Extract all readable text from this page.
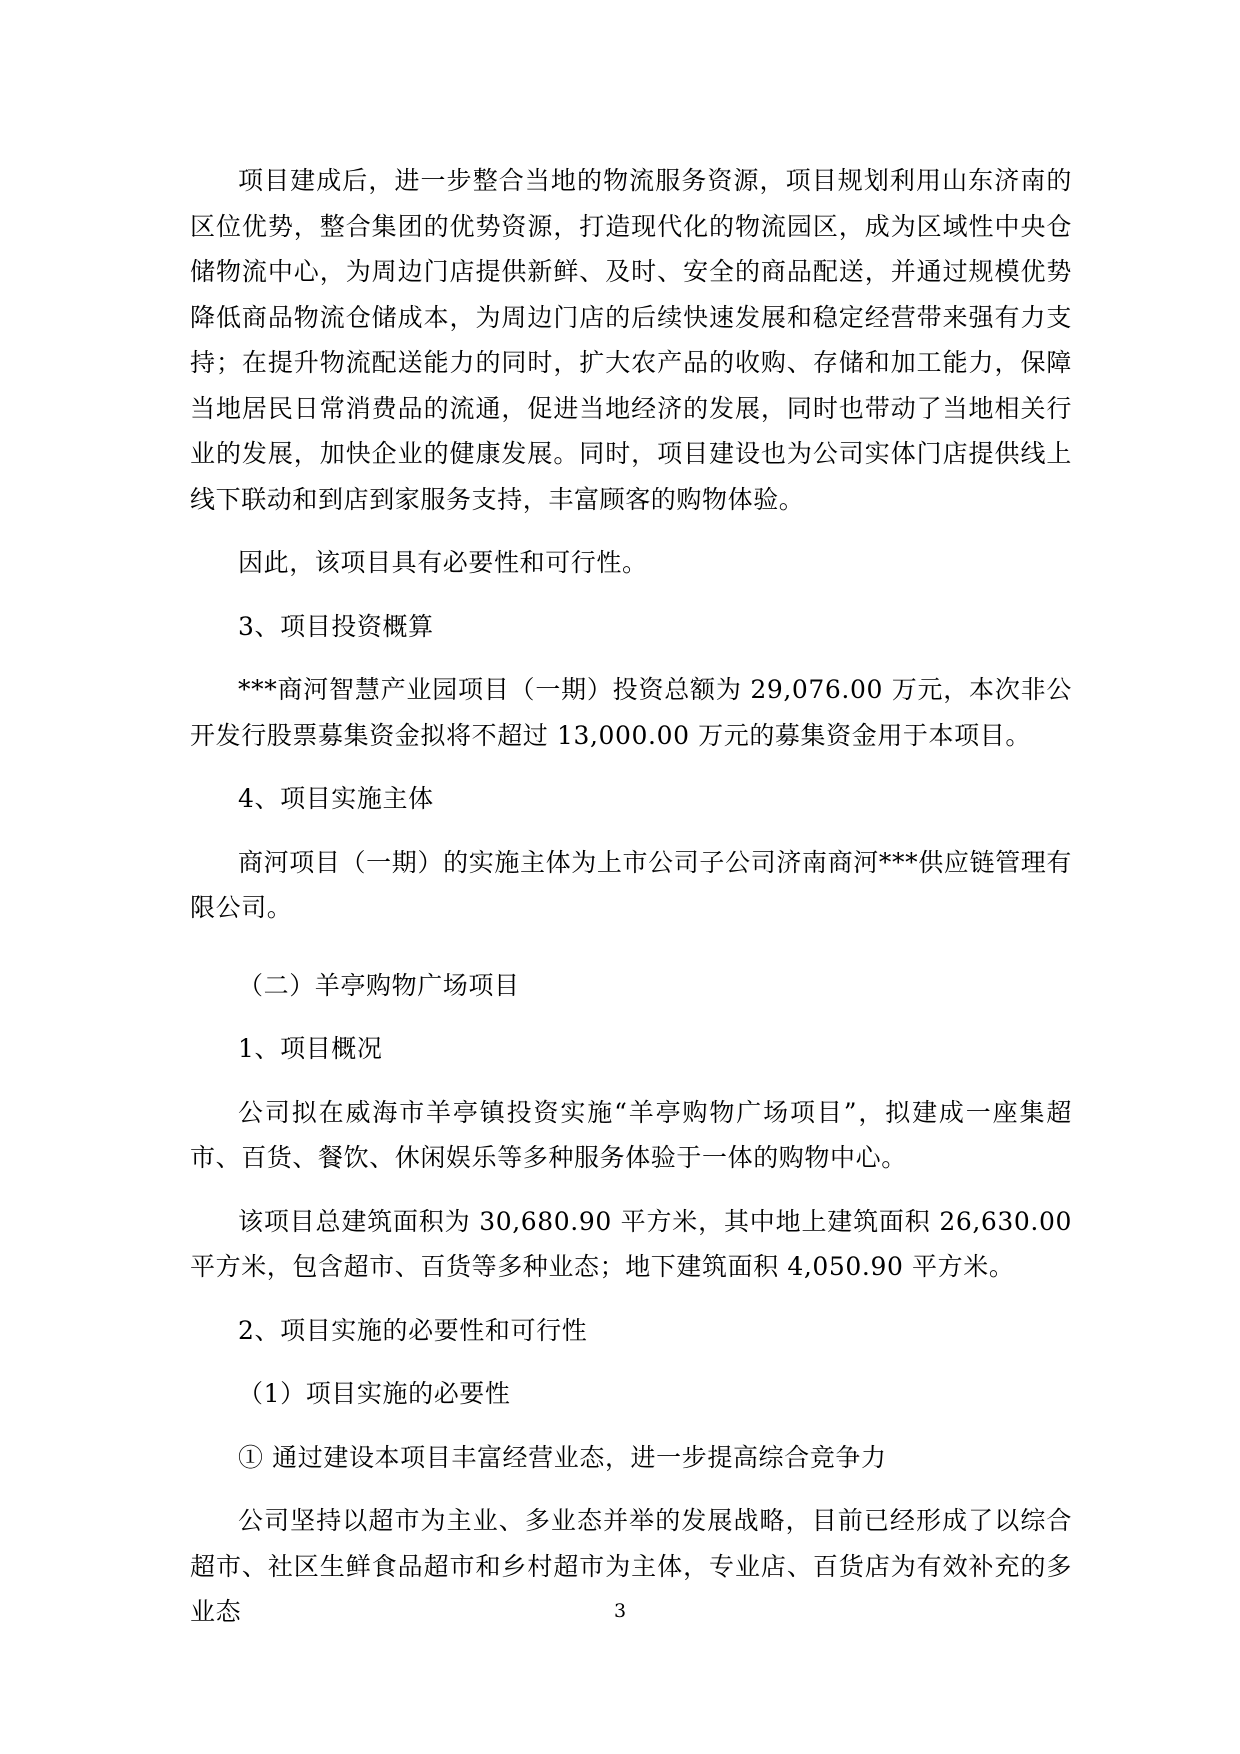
项目建成后，进一步整合当地的物流服务资源，项目规划利用山东济南的区位优势，整合集团的优势资源，打造现代化的物流园区，成为区域性中央仓储物流中心，为周边门店提供新鲜、及时、安全的商品配送，并通过规模优势降低商品物流仓储成本，为周边门店的后续快速发展和稳定经营带来强有力支持；在提升物流配送能力的同时，扩大农产品的收购、存储和加工能力，保障当地居民日常消费品的流通，促进当地经济的发展，同时也带动了当地相关行业的发展，加快企业的健康发展。同时，项目建设也为公司实体门店提供线上线下联动和到店到家服务支持，丰富顾客的购物体验。

因此，该项目具有必要性和可行性。

3、项目投资概算

***商河智慧产业园项目（一期）投资总额为 29,076.00 万元，本次非公开发行股票募集资金拟将不超过 13,000.00 万元的募集资金用于本项目。

4、项目实施主体

商河项目（一期）的实施主体为上市公司子公司济南商河***供应链管理有限公司。

（二）羊亭购物广场项目

1、项目概况

公司拟在威海市羊亭镇投资实施“羊亭购物广场项目”，拟建成一座集超市、百货、餐饮、休闲娱乐等多种服务体验于一体的购物中心。

该项目总建筑面积为 30,680.90 平方米，其中地上建筑面积 26,630.00 平方米，包含超市、百货等多种业态；地下建筑面积 4,050.90 平方米。

2、项目实施的必要性和可行性

（1）项目实施的必要性

① 通过建设本项目丰富经营业态，进一步提高综合竞争力

公司坚持以超市为主业、多业态并举的发展战略，目前已经形成了以综合超市、社区生鲜食品超市和乡村超市为主体，专业店、百货店为有效补充的多业态	3
